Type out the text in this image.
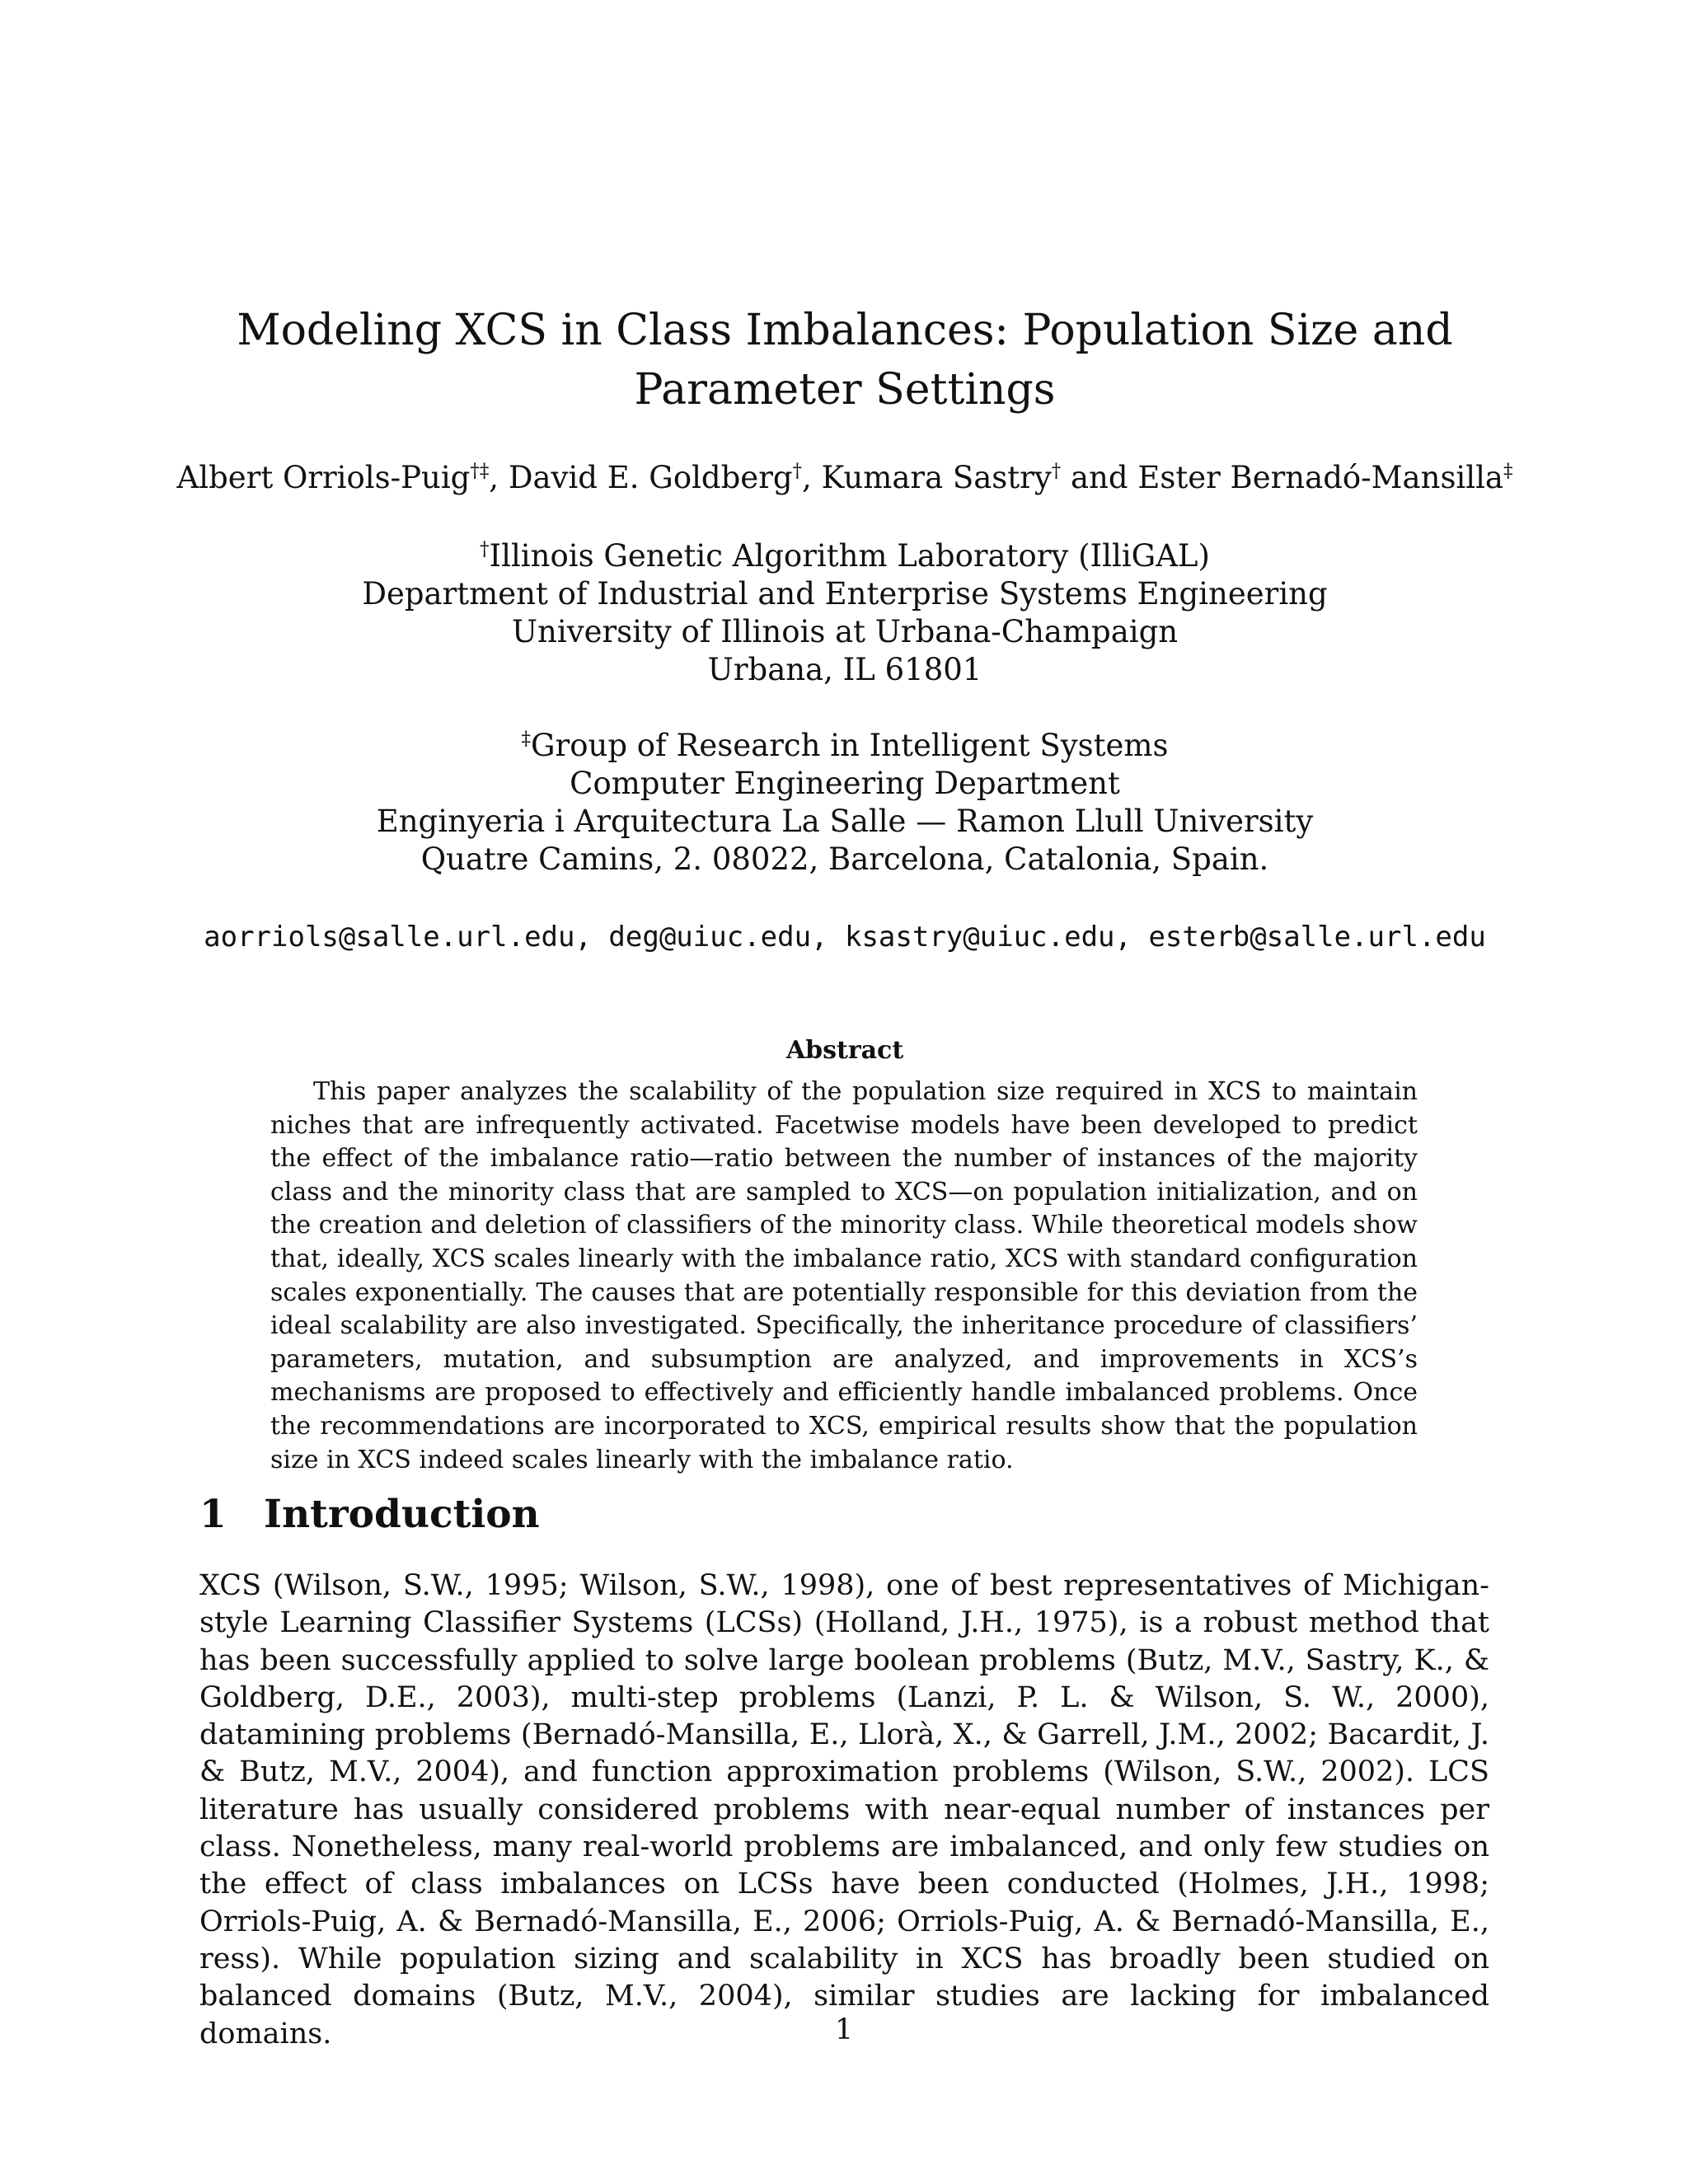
Modeling XCS in Class Imbalances: Population Size and Parameter Settings
Albert Orriols-Puig†‡, David E. Goldberg†, Kumara Sastry† and Ester Bernadó-Mansilla‡
†Illinois Genetic Algorithm Laboratory (IlliGAL)
Department of Industrial and Enterprise Systems Engineering
University of Illinois at Urbana-Champaign
Urbana, IL 61801
‡Group of Research in Intelligent Systems
Computer Engineering Department
Enginyeria i Arquitectura La Salle — Ramon Llull University
Quatre Camins, 2. 08022, Barcelona, Catalonia, Spain.
aorriols@salle.url.edu, deg@uiuc.edu, ksastry@uiuc.edu, esterb@salle.url.edu
Abstract
This paper analyzes the scalability of the population size required in XCS to maintain niches that are infrequently activated. Facetwise models have been developed to predict the effect of the imbalance ratio—ratio between the number of instances of the majority class and the minority class that are sampled to XCS—on population initialization, and on the creation and deletion of classifiers of the minority class. While theoretical models show that, ideally, XCS scales linearly with the imbalance ratio, XCS with standard configuration scales exponentially. The causes that are potentially responsible for this deviation from the ideal scalability are also investigated. Specifically, the inheritance procedure of classifiers’ parameters, mutation, and subsumption are analyzed, and improvements in XCS’s mechanisms are proposed to effectively and efficiently handle imbalanced problems. Once the recommendations are incorporated to XCS, empirical results show that the population size in XCS indeed scales linearly with the imbalance ratio.
1 Introduction
XCS (Wilson, S.W., 1995; Wilson, S.W., 1998), one of best representatives of Michigan-style Learning Classifier Systems (LCSs) (Holland, J.H., 1975), is a robust method that has been successfully applied to solve large boolean problems (Butz, M.V., Sastry, K., & Goldberg, D.E., 2003), multi-step problems (Lanzi, P. L. & Wilson, S. W., 2000), datamining problems (Bernadó-Mansilla, E., Llorà, X., & Garrell, J.M., 2002; Bacardit, J. & Butz, M.V., 2004), and function approximation problems (Wilson, S.W., 2002). LCS literature has usually considered problems with near-equal number of instances per class. Nonetheless, many real-world problems are imbalanced, and only few studies on the effect of class imbalances on LCSs have been conducted (Holmes, J.H., 1998; Orriols-Puig, A. & Bernadó-Mansilla, E., 2006; Orriols-Puig, A. & Bernadó-Mansilla, E., ress). While population sizing and scalability in XCS has broadly been studied on balanced domains (Butz, M.V., 2004), similar studies are lacking for imbalanced domains.	1
